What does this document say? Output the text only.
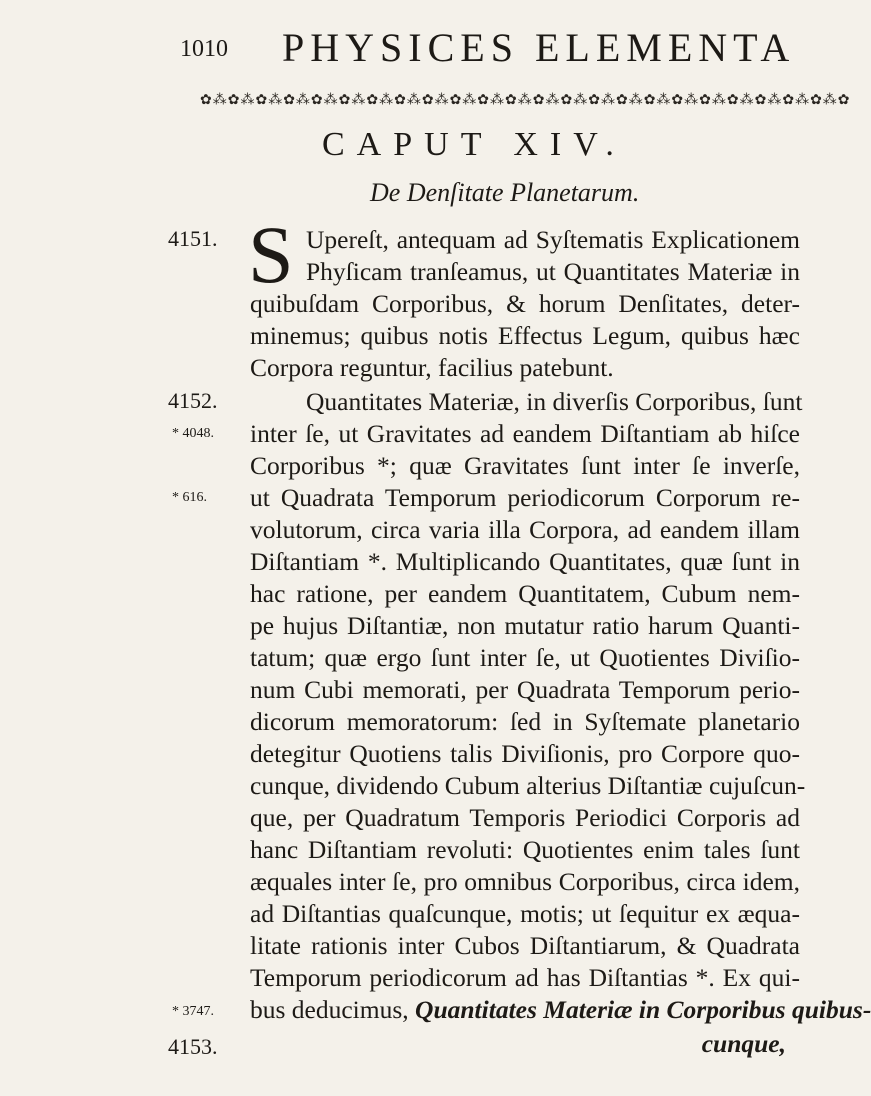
1010 PHYSICES ELEMENTA
✿⁂✿⁂✿⁂✿⁂✿⁂✿⁂✿⁂✿⁂✿⁂✿⁂✿⁂✿⁂✿⁂✿⁂✿⁂✿⁂✿⁂✿⁂✿⁂✿⁂✿⁂✿⁂✿⁂✿
CAPUT XIV.
De Denſitate Planetarum.
4151.
4152.
* 4048.
* 616.
* 3747.
4153.
S Upereſt, antequam ad Syſtematis Explicationem
Phyſicam tranſeamus, ut Quantitates Materiæ in
quibuſdam Corporibus, & horum Denſitates, deter-
minemus; quibus notis Effectus Legum, quibus hæc
Corpora reguntur, facilius patebunt.
Quantitates Materiæ, in diverſis Corporibus, ſunt
inter ſe, ut Gravitates ad eandem Diſtantiam ab hiſce
Corporibus *; quæ Gravitates ſunt inter ſe inverſe,
ut Quadrata Temporum periodicorum Corporum re-
volutorum, circa varia illa Corpora, ad eandem illam
Diſtantiam *. Multiplicando Quantitates, quæ ſunt in
hac ratione, per eandem Quantitatem, Cubum nem-
pe hujus Diſtantiæ, non mutatur ratio harum Quanti-
tatum; quæ ergo ſunt inter ſe, ut Quotientes Diviſio-
num Cubi memorati, per Quadrata Temporum perio-
dicorum memoratorum: ſed in Syſtemate planetario
detegitur Quotiens talis Diviſionis, pro Corpore quo-
cunque, dividendo Cubum alterius Diſtantiæ cujuſcun-
que, per Quadratum Temporis Periodici Corporis ad
hanc Diſtantiam revoluti: Quotientes enim tales ſunt
æquales inter ſe, pro omnibus Corporibus, circa idem,
ad Diſtantias quaſcunque, motis; ut ſequitur ex æqua-
litate rationis inter Cubos Diſtantiarum, & Quadrata
Temporum periodicorum ad has Diſtantias *. Ex qui-
bus deducimus, Quantitates Materiæ in Corporibus quibus-
cunque,
